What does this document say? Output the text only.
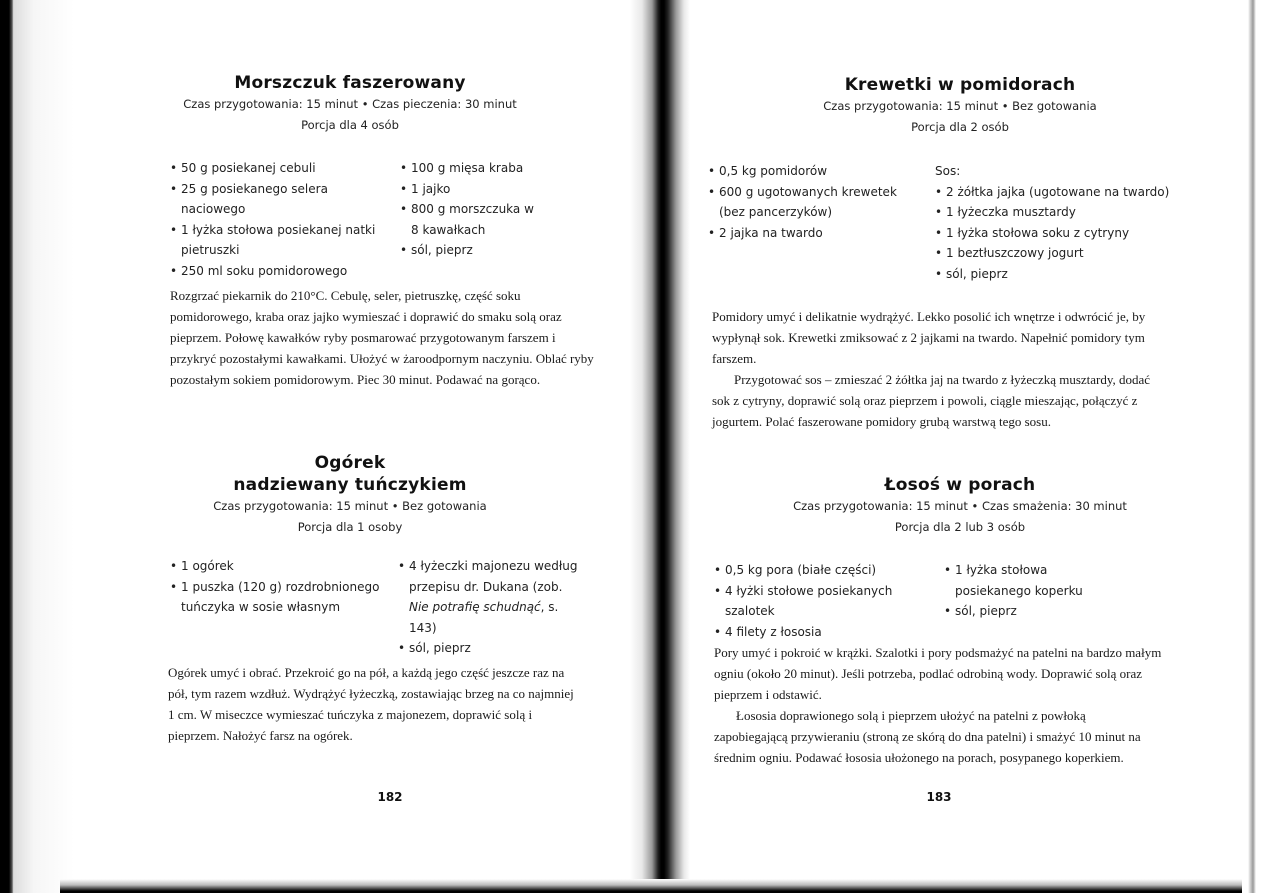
Morszczuk faszerowany
Czas przygotowania: 15 minut • Czas pieczenia: 30 minut
Porcja dla 4 osób
• 50 g posiekanej cebuli
• 25 g posiekanego selera naciowego
• 1 łyżka stołowa posiekanej natki pietruszki
• 250 ml soku pomidorowego
• 100 g mięsa kraba
• 1 jajko
• 800 g morszczuka w 8 kawałkach
• sól, pieprz

Rozgrzać piekarnik do 210°C. Cebulę, seler, pietruszkę, część soku pomidorowego, kraba oraz jajko wymieszać i doprawić do smaku solą oraz pieprzem. Połowę kawałków ryby posmarować przygotowanym farszem i przykryć pozostałymi kawałkami. Ułożyć w żaroodpornym naczyniu. Oblać ryby pozostałym sokiem pomidorowym. Piec 30 minut. Podawać na gorąco.

Ogórek
nadziewany tuńczykiem
Czas przygotowania: 15 minut • Bez gotowania
Porcja dla 1 osoby
• 1 ogórek
• 1 puszka (120 g) rozdrobnionego tuńczyka w sosie własnym
• 4 łyżeczki majonezu według przepisu dr. Dukana (zob. Nie potrafię schudnąć, s. 143)
• sól, pieprz

Ogórek umyć i obrać. Przekroić go na pół, a każdą jego część jeszcze raz na pół, tym razem wzdłuż. Wydrążyć łyżeczką, zostawiając brzeg na co najmniej 1 cm. W miseczce wymieszać tuńczyka z majonezem, doprawić solą i pieprzem. Nałożyć farsz na ogórek.

182
Krewetki w pomidorach
Czas przygotowania: 15 minut • Bez gotowania
Porcja dla 2 osób
• 0,5 kg pomidorów
• 600 g ugotowanych krewetek (bez pancerzyków)
• 2 jajka na twardo
Sos:
• 2 żółtka jajka (ugotowane na twardo)
• 1 łyżeczka musztardy
• 1 łyżka stołowa soku z cytryny
• 1 beztłuszczowy jogurt
• sól, pieprz

Pomidory umyć i delikatnie wydrążyć. Lekko posolić ich wnętrze i odwrócić je, by wypłynął sok. Krewetki zmiksować z 2 jajkami na twardo. Napełnić pomidory tym farszem.

Przygotować sos – zmieszać 2 żółtka jaj na twardo z łyżeczką musztardy, dodać sok z cytryny, doprawić solą oraz pieprzem i powoli, ciągle mieszając, połączyć z jogurtem. Polać faszerowane pomidory grubą warstwą tego sosu.

Łosoś w porach
Czas przygotowania: 15 minut • Czas smażenia: 30 minut
Porcja dla 2 lub 3 osób
• 0,5 kg pora (białe części)
• 4 łyżki stołowe posiekanych szalotek
• 4 filety z łososia
• 1 łyżka stołowa posiekanego koperku
• sól, pieprz

Pory umyć i pokroić w krążki. Szalotki i pory podsmażyć na patelni na bardzo małym ogniu (około 20 minut). Jeśli potrzeba, podlać odrobiną wody. Doprawić solą oraz pieprzem i odstawić.

Łososia doprawionego solą i pieprzem ułożyć na patelni z powłoką zapobiegającą przywieraniu (stroną ze skórą do dna patelni) i smażyć 10 minut na średnim ogniu. Podawać łososia ułożonego na porach, posypanego koperkiem.

183
